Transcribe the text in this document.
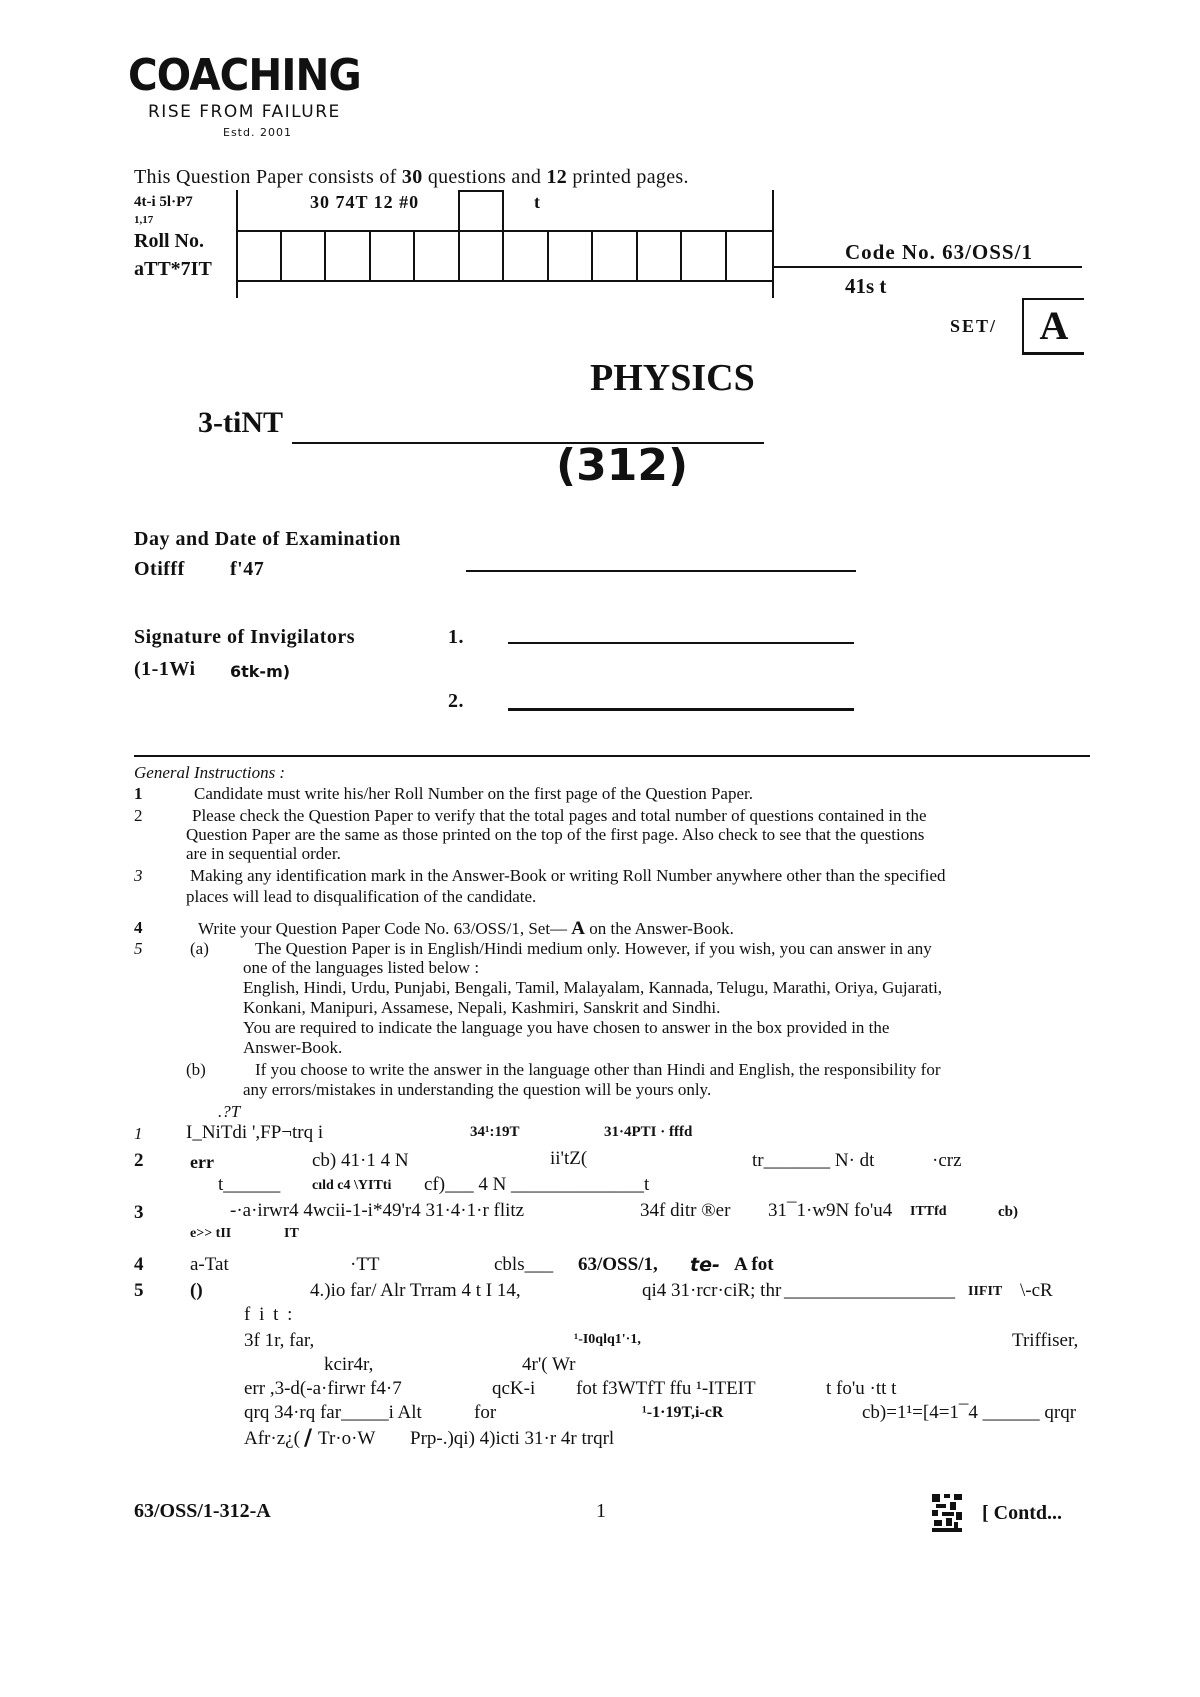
COACHING
RISE FROM FAILURE
Estd. 2001
This Question Paper consists of 30 questions and 12 printed pages.
4t-i 5l·P7
1,17
30 74T 12 #0	t
Roll No.
aTT*7IT
Code No. 63/OSS/1
41s t
SET/	A
PHYSICS
3-tiNT
(312)
Day and Date of Examination
Otifff f'47
Signature of Invigilators
(1-1Wi 6tk-m)
1.
2.
General Instructions :
1	Candidate must write his/her Roll Number on the first page of the Question Paper.
2	Please check the Question Paper to verify that the total pages and total number of questions contained in the
Question Paper are the same as those printed on the top of the first page. Also check to see that the questions
are in sequential order.
3	Making any identification mark in the Answer-Book or writing Roll Number anywhere other than the specified
places will lead to disqualification of the candidate.
4	Write your Question Paper Code No. 63/OSS/1, Set— A on the Answer-Book.
5	(a)	The Question Paper is in English/Hindi medium only. However, if you wish, you can answer in any
one of the languages listed below :
English, Hindi, Urdu, Punjabi, Bengali, Tamil, Malayalam, Kannada, Telugu, Marathi, Oriya, Gujarati,
Konkani, Manipuri, Assamese, Nepali, Kashmiri, Sanskrit and Sindhi.
You are required to indicate the language you have chosen to answer in the box provided in the
Answer-Book.
(b)	If you choose to write the answer in the language other than Hindi and English, the responsibility for
any errors/mistakes in understanding the question will be yours only.
.?T
1 I_NiTdi ',FP¬trq i	34¹:19T	31·4PTI · fffd
2	err	cb) 41·1 4 N	ii'tZ(	tr_______ N· dt	·crz
t______ cıld c4 \YITti cf)___ 4 N ______________t
3	-·a·irwr4 4wcii-1-i*49'r4 31·4·1·r flitz	34f ditr ®er 31¯1·w9N fo'u4 ITTfd	cb)
e>> tII	IT
4 a-Tat	·TT	cbls___ 63/OSS/1, te- A fot
5 ()	4.)io far/ Alr Trram 4 t I 14,	qi4 31·rcr·ciR; thr __________________ IIFIT \-cR
f i t :
3f 1r, far,	¹-I0qlq1'·1,	Triffiser,
kcir4r,	4r'( Wr
err ,3-d(-a·firwr f4·7	qcK-i fot f3WTfT ffu ¹-ITEIT	t fo'u ·tt t
qrq 34·rq far_____i Alt	for	¹-1·19T,i-cR	cb)=1¹=[4=1¯4 ______ qrqr
Afr·z¿( / Tr·o·W Prp-.)qi) 4)icti 31·r 4r trqrl
63/OSS/1-312-A	1	[ Contd...
